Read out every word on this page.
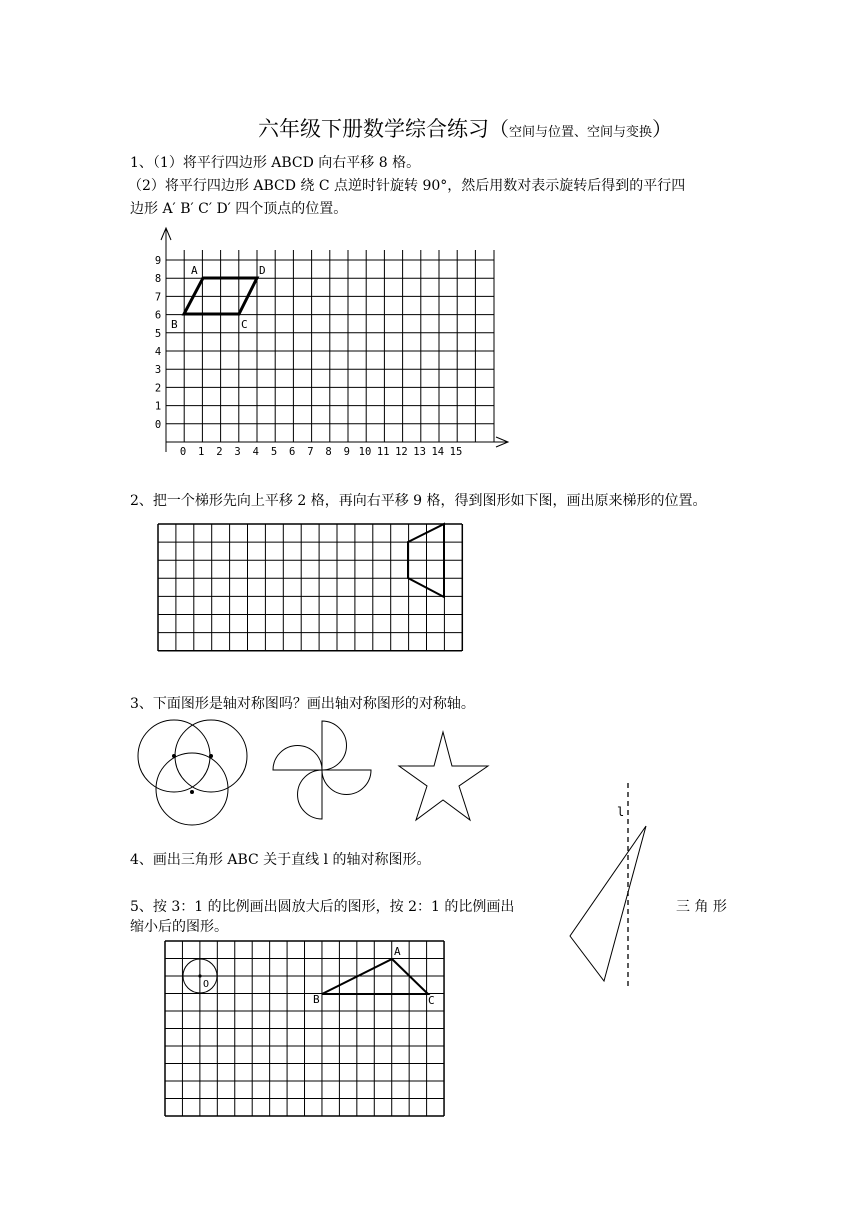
六年级下册数学综合练习（空间与位置、空间与变换）
1、（1）将平行四边形 ABCD 向右平移 8 格。
（2）将平行四边形 ABCD 绕 C 点逆时针旋转 90°，然后用数对表示旋转后得到的平行四
边形 A′ B′ C′ D′ 四个顶点的位置。
2、把一个梯形先向上平移 2 格，再向右平移 9 格，得到图形如下图，画出原来梯形的位置。
3、下面图形是轴对称图吗？画出轴对称图形的对称轴。
4、画出三角形 ABC 关于直线 l 的轴对称图形。
5、按 3：1 的比例画出圆放大后的图形，按 2：1 的比例画出	三 角 形
缩小后的图形。
0 1 2 3 4 5 6 7 8 9 10 11 12 13 14 15
9
8
7
6
5
4
3
2
1
0
A	D
B	C
l
O
A
B	C
